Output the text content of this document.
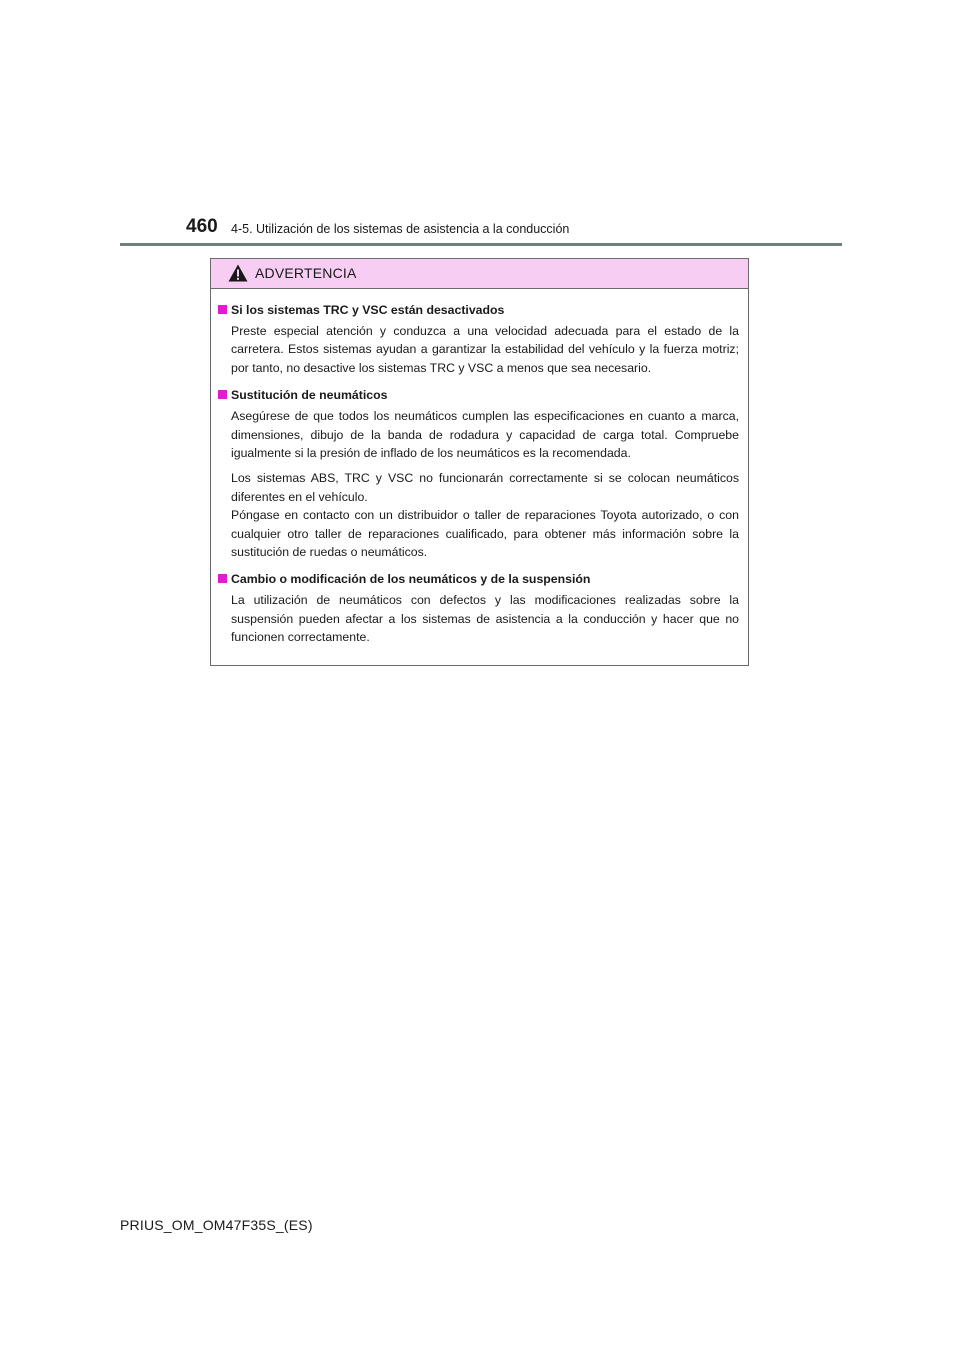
460 4-5. Utilización de los sistemas de asistencia a la conducción
ADVERTENCIA
Si los sistemas TRC y VSC están desactivados
Preste especial atención y conduzca a una velocidad adecuada para el estado de la carretera. Estos sistemas ayudan a garantizar la estabilidad del vehículo y la fuerza motriz; por tanto, no desactive los sistemas TRC y VSC a menos que sea necesario.
Sustitución de neumáticos
Asegúrese de que todos los neumáticos cumplen las especificaciones en cuanto a marca, dimensiones, dibujo de la banda de rodadura y capacidad de carga total. Compruebe igualmente si la presión de inflado de los neumáticos es la recomendada.
Los sistemas ABS, TRC y VSC no funcionarán correctamente si se colocan neumáticos diferentes en el vehículo.
Póngase en contacto con un distribuidor o taller de reparaciones Toyota autorizado, o con cualquier otro taller de reparaciones cualificado, para obtener más información sobre la sustitución de ruedas o neumáticos.
Cambio o modificación de los neumáticos y de la suspensión
La utilización de neumáticos con defectos y las modificaciones realizadas sobre la suspensión pueden afectar a los sistemas de asistencia a la conducción y hacer que no funcionen correctamente.
PRIUS_OM_OM47F35S_(ES)
